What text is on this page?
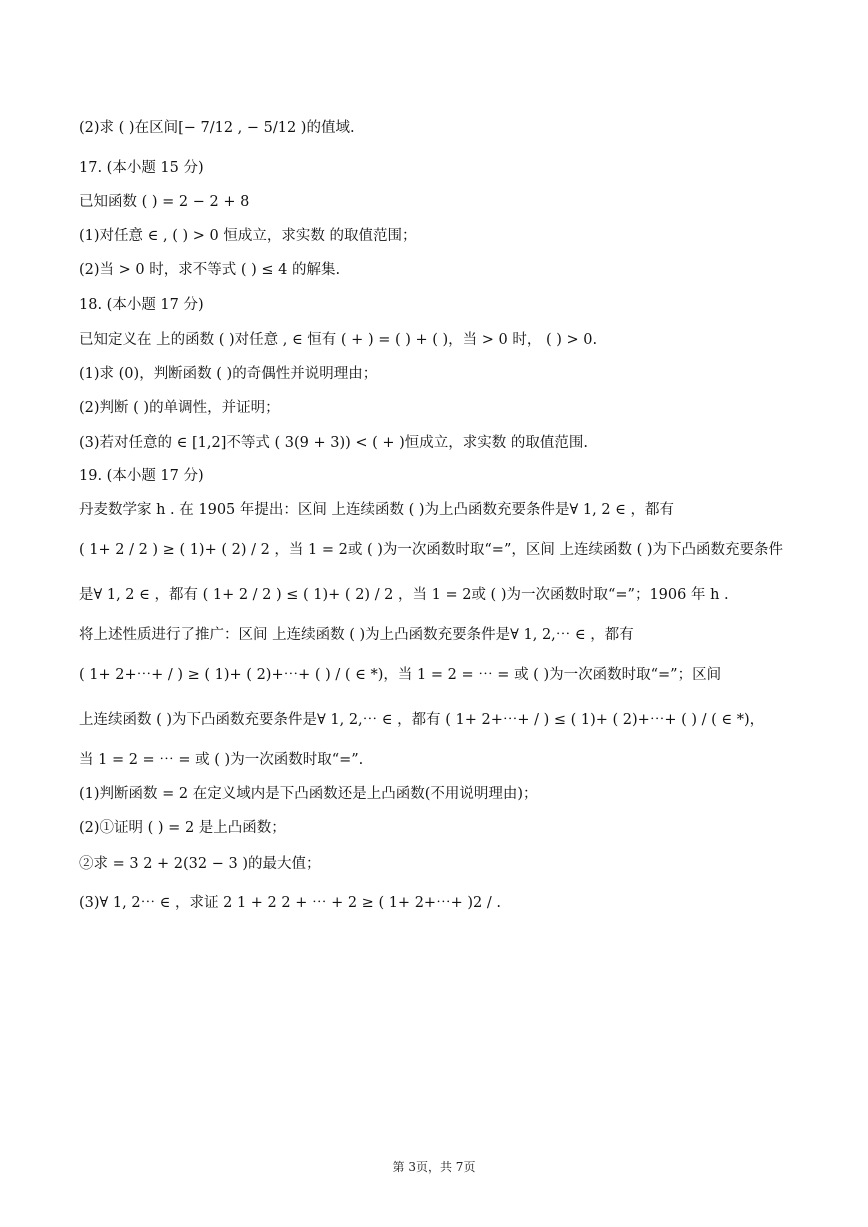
(2)求 ( )在区间[− 7/12 , − 5/12 )的值域.
17. (本小题 15 分)
已知函数 ( ) = 2 − 2 + 8
(1)对任意 ∈ , ( ) > 0 恒成立，求实数 的取值范围；
(2)当 > 0 时，求不等式 ( ) ≤ 4 的解集.
18. (本小题 17 分)
已知定义在 上的函数 ( )对任意 , ∈ 恒有 ( + ) = ( ) + ( )，当 > 0 时， ( ) > 0.
(1)求 (0)，判断函数 ( )的奇偶性并说明理由；
(2)判断 ( )的单调性，并证明；
(3)若对任意的 ∈ [1,2]不等式 ( 3(9 + 3)) < ( + )恒成立，求实数 的取值范围.
19. (本小题 17 分)
丹麦数学家 h . 在 1905 年提出：区间 上连续函数 ( )为上凸函数充要条件是∀ 1, 2 ∈ ，都有
( 1+ 2 / 2 ) ≥ ( 1)+ ( 2) / 2 ，当 1 = 2或 ( )为一次函数时取“=”，区间 上连续函数 ( )为下凸函数充要条件
是∀ 1, 2 ∈ ，都有 ( 1+ 2 / 2 ) ≤ ( 1)+ ( 2) / 2 ，当 1 = 2或 ( )为一次函数时取“=”；1906 年 h .
将上述性质进行了推广：区间 上连续函数 ( )为上凸函数充要条件是∀ 1, 2,⋯ ∈ ，都有
( 1+ 2+⋯+ / ) ≥ ( 1)+ ( 2)+⋯+ ( ) / ( ∈ *)，当 1 = 2 = ⋯ = 或 ( )为一次函数时取“=”；区间
上连续函数 ( )为下凸函数充要条件是∀ 1, 2,⋯ ∈ ，都有 ( 1+ 2+⋯+ / ) ≤ ( 1)+ ( 2)+⋯+ ( ) / ( ∈ *)，
当 1 = 2 = ⋯ = 或 ( )为一次函数时取“=”.
(1)判断函数 = 2 在定义域内是下凸函数还是上凸函数(不用说明理由)；
(2)①证明 ( ) = 2 是上凸函数；
②求 = 3 2 + 2(32 − 3 )的最大值；
(3)∀ 1, 2⋯ ∈ ，求证 2 1 + 2 2 + ⋯ + 2 ≥ ( 1+ 2+⋯+ )2 / .
第 3页，共 7页
